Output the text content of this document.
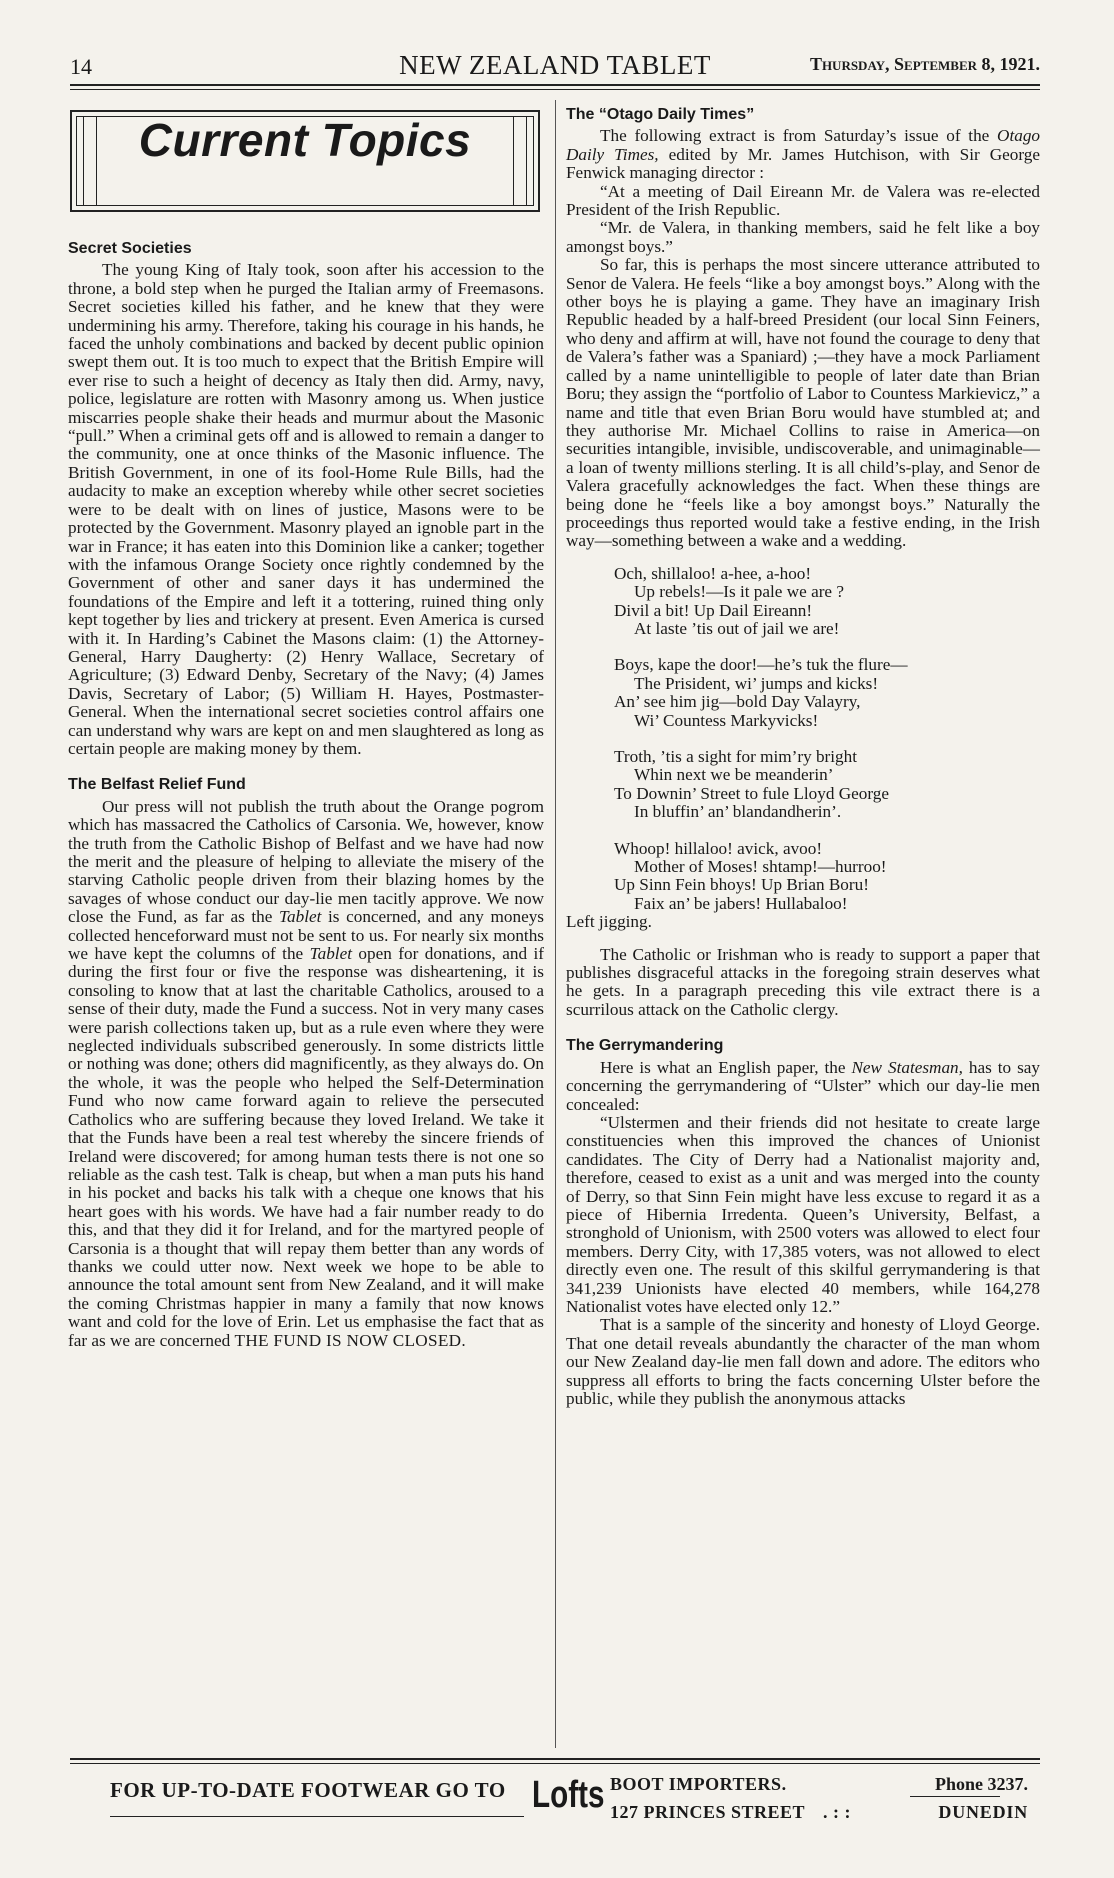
14	NEW ZEALAND TABLET	Thursday, September 8, 1921.
Current Topics
Secret Societies

The young King of Italy took, soon after his accession to the throne, a bold step when he purged the Italian army of Freemasons. Secret societies killed his father, and he knew that they were undermining his army. Therefore, taking his courage in his hands, he faced the unholy combinations and backed by decent public opinion swept them out. It is too much to expect that the British Empire will ever rise to such a height of decency as Italy then did. Army, navy, police, legislature are rotten with Masonry among us. When justice miscarries people shake their heads and murmur about the Masonic “pull.” When a criminal gets off and is allowed to remain a danger to the community, one at once thinks of the Masonic influence. The British Government, in one of its fool-Home Rule Bills, had the audacity to make an exception whereby while other secret societies were to be dealt with on lines of justice, Masons were to be protected by the Government. Masonry played an ignoble part in the war in France; it has eaten into this Dominion like a canker; together with the infamous Orange Society once rightly condemned by the Government of other and saner days it has undermined the foundations of the Empire and left it a tottering, ruined thing only kept together by lies and trickery at present. Even America is cursed with it. In Harding’s Cabinet the Masons claim: (1) the Attorney-General, Harry Daugherty: (2) Henry Wallace, Secretary of Agriculture; (3) Edward Denby, Secretary of the Navy; (4) James Davis, Secretary of Labor; (5) William H. Hayes, Postmaster-General. When the international secret societies control affairs one can understand why wars are kept on and men slaughtered as long as certain people are making money by them.

The Belfast Relief Fund

Our press will not publish the truth about the Orange pogrom which has massacred the Catholics of Carsonia. We, however, know the truth from the Catholic Bishop of Belfast and we have had now the merit and the pleasure of helping to alleviate the misery of the starving Catholic people driven from their blazing homes by the savages of whose conduct our day-lie men tacitly approve. We now close the Fund, as far as the Tablet is concerned, and any moneys collected henceforward must not be sent to us. For nearly six months we have kept the columns of the Tablet open for donations, and if during the first four or five the response was disheartening, it is consoling to know that at last the charitable Catholics, aroused to a sense of their duty, made the Fund a success. Not in very many cases were parish collections taken up, but as a rule even where they were neglected individuals subscribed generously. In some districts little or nothing was done; others did magnificently, as they always do. On the whole, it was the people who helped the Self-Determination Fund who now came forward again to relieve the persecuted Catholics who are suffering because they loved Ireland. We take it that the Funds have been a real test whereby the sincere friends of Ireland were discovered; for among human tests there is not one so reliable as the cash test. Talk is cheap, but when a man puts his hand in his pocket and backs his talk with a cheque one knows that his heart goes with his words. We have had a fair number ready to do this, and that they did it for Ireland, and for the martyred people of Carsonia is a thought that will repay them better than any words of thanks we could utter now. Next week we hope to be able to announce the total amount sent from New Zealand, and it will make the coming Christmas happier in many a family that now knows want and cold for the love of Erin. Let us emphasise the fact that as far as we are concerned THE FUND IS NOW CLOSED.

The “Otago Daily Times”

The following extract is from Saturday’s issue of the Otago Daily Times, edited by Mr. James Hutchison, with Sir George Fenwick managing director :

“At a meeting of Dail Eireann Mr. de Valera was re-elected President of the Irish Republic.

“Mr. de Valera, in thanking members, said he felt like a boy amongst boys.”

So far, this is perhaps the most sincere utterance attributed to Senor de Valera. He feels “like a boy amongst boys.” Along with the other boys he is playing a game. They have an imaginary Irish Republic headed by a half-breed President (our local Sinn Feiners, who deny and affirm at will, have not found the courage to deny that de Valera’s father was a Spaniard) ;—they have a mock Parliament called by a name unintelligible to people of later date than Brian Boru; they assign the “portfolio of Labor to Countess Markievicz,” a name and title that even Brian Boru would have stumbled at; and they authorise Mr. Michael Collins to raise in America—on securities intangible, invisible, undiscoverable, and unimaginable—a loan of twenty millions sterling. It is all child’s-play, and Senor de Valera gracefully acknowledges the fact. When these things are being done he “feels like a boy amongst boys.” Naturally the proceedings thus reported would take a festive ending, in the Irish way—something between a wake and a wedding.

Och, shillaloo! a-hee, a-hoo!
Up rebels!—Is it pale we are ?
Divil a bit! Up Dail Eireann!
At laste ’tis out of jail we are!
Boys, kape the door!—he’s tuk the flure—
The Prisident, wi’ jumps and kicks!
An’ see him jig—bold Day Valayry,
Wi’ Countess Markyvicks!
Troth, ’tis a sight for mim’ry bright
Whin next we be meanderin’
To Downin’ Street to fule Lloyd George
In bluffin’ an’ blandandherin’.
Whoop! hillaloo! avick, avoo!
Mother of Moses! shtamp!—hurroo!
Up Sinn Fein bhoys! Up Brian Boru!
Faix an’ be jabers! Hullabaloo!
Left jigging.

The Catholic or Irishman who is ready to support a paper that publishes disgraceful attacks in the foregoing strain deserves what he gets. In a paragraph preceding this vile extract there is a scurrilous attack on the Catholic clergy.

The Gerrymandering

Here is what an English paper, the New Statesman, has to say concerning the gerrymandering of “Ulster” which our day-lie men concealed:

“Ulstermen and their friends did not hesitate to create large constituencies when this improved the chances of Unionist candidates. The City of Derry had a Nationalist majority and, therefore, ceased to exist as a unit and was merged into the county of Derry, so that Sinn Fein might have less excuse to regard it as a piece of Hibernia Irredenta. Queen’s University, Belfast, a stronghold of Unionism, with 2500 voters was allowed to elect four members. Derry City, with 17,385 voters, was not allowed to elect directly even one. The result of this skilful gerrymandering is that 341,239 Unionists have elected 40 members, while 164,278 Nationalist votes have elected only 12.”

That is a sample of the sincerity and honesty of Lloyd George. That one detail reveals abundantly the character of the man whom our New Zealand day-lie men fall down and adore. The editors who suppress all efforts to bring the facts concerning Ulster before the public, while they publish the anonymous attacks

FOR UP-TO-DATE FOOTWEAR GO TO Lofts BOOT IMPORTERS.
127 PRINCES STREET . : :
Phone 3237.
DUNEDIN
